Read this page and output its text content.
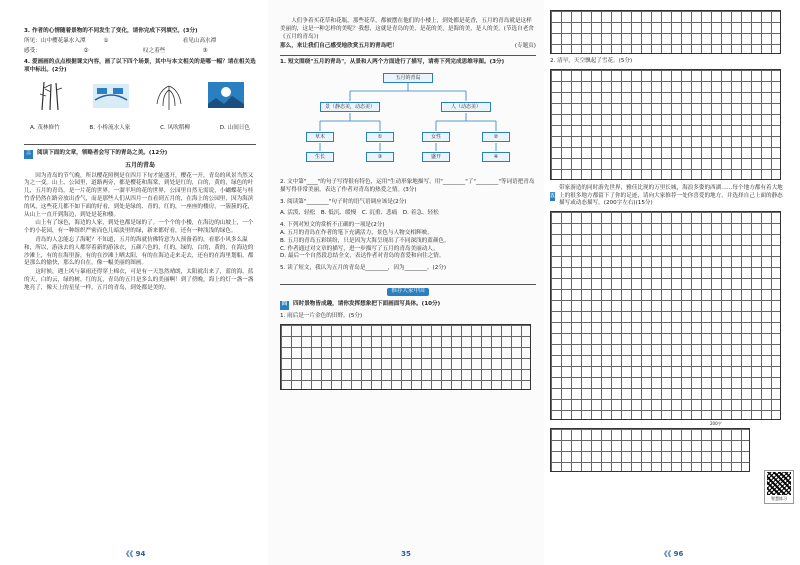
3. 作者的心情随着景物的不同发生了变化，请你完成下列填空。(3分)
所见：山中樱花暴水入潭	①	看见山高水潭
感受：	②	叹之着些	③
4. 爱画画的点点根据课文内容，画了以下四个场景，其中与本文相关的是哪一幅？请在相关选项中标出。(2分)
A. 茂林修竹	B. 小桥流水人家	C. 风吹稻柳	D. 山间日色
三	阅读下面的文章，领略者会写下的青岛之美。(12分)
五月的青岛
因为青岛的节气晚，所以樱花照例是在四月下旬才能盛开，樱花一开，青岛的风景当然又为之一变。山上、公园里，道路两旁，都是樱花和海棠，到处是红的，白的，黄的，绿色的叶儿，五月的青岛，是一片花的世界。一溜平坦的花的世界，公园里自然无需说，小蝴蝶花与桂竹香仍然在路旁放出香气，而是那些人们从四月一直看到五月的，在海上的公园里，因为海滨的风，这些花儿都不如下面的好看，到处是绿的、青的，红的，一座座的楼房，一簇簇的花，从山上一直开到海边，到处是花和楼。
山上有了绿色，海边的人家，到处也都是绿的了。一个个的小楼，在海边的山坡上，一个个的小花园，有一种组织严密而色儿暗淡里的绿，新来都好看，还有一种浅浅的绿色。
青岛的人怎能忘了海呢？不知道，五月的海就仿佛特意为人预备着的，看那小风多么温和，所以，游泳去的人都穿着新的游泳衣，五颜六色的，红的，绿的，白的，黄的，在海边的沙滩上，有的在海里游，有的在沙滩上晒太阳，有的在海边走来走去，还有的在海里划船，都是那么的愉快，那么的自在，像一幅美丽的图画。
这时候，遇上风与暴雨还得穿上棉衣，可是有一天忽然晴朗，太阳就出来了，蓝的海，蓝的天，白的云，绿的树，红的瓦，青岛的五月是多么的美丽啊！到了傍晚，海上的灯一盏一盏地亮了，像天上的星星一样，五月的青岛，到处都是美的。
《《 94
人们争着买花草和花瓶，那些花草，都被摆在他们的小楼上，到处都是花香，五月的青岛就是这样美丽的，这是一种怎样的美呢？我想，这就是青岛的美，是花的美，是海的美，是人的美。(节选自老舍《五月的青岛》)
那么，来让我们自己感受地欣赏五月的青岛吧！	(专题页)
1. 短文围绕"五月的青岛"，从景和人两个方面进行了描写，请将下列完成思维导图。(3分)
五月的青岛
景（静态美，动态美）	人（动态美）
草木	①	女性	②
生长	③	盛开	④
2. 文中第"____"的句子写得很有特色，运用"生动形象地描写，用"________"了"________"等词语把青岛描写得非常美丽，表达了作者对青岛的热爱之情。(3分)
3. 阅读第"________"句子时的语气语调应该是(2分)
A. 活泼、轻松　B. 低沉、缓慢　C. 沉重、悲痛　D. 着急、轻松
4. 下列对短文的赏析不正确的一项是(2分)
A. 五月的青岛在作者的笔下充满活力，景色与人物交相辉映。
B. 五月的青岛五彩缤纷，只是因为大海呈现出了不同深浅的蓝颜色。
C. 作者通过对文章的描写，进一步描写了五月的青岛美丽动人。
D. 最后一个自然段总结全文，表达作者对青岛的喜爱和向往之情。
5. 读了短文，我认为五月的青岛是________，因为________。(2分)
推荐大家中国
四	四时景物皆成趣，请你发挥想象把下面画面写具体。(10分)
1. 雨后是一片金色的田野。(5分)
35
2. 清早，天空飘起了雪花。(5分)
五
带家游造的同时游先世界，雅佳比现的万里长城，海浪多姿的西湖……每个地方都有着大地上的很多地方都留下了你的足迹，请向大家推荐一处你喜爱的地方，并选择自己上面的静态描写或动态描写。(200字左右)(15分)
200字
智慧练习
《《 96
